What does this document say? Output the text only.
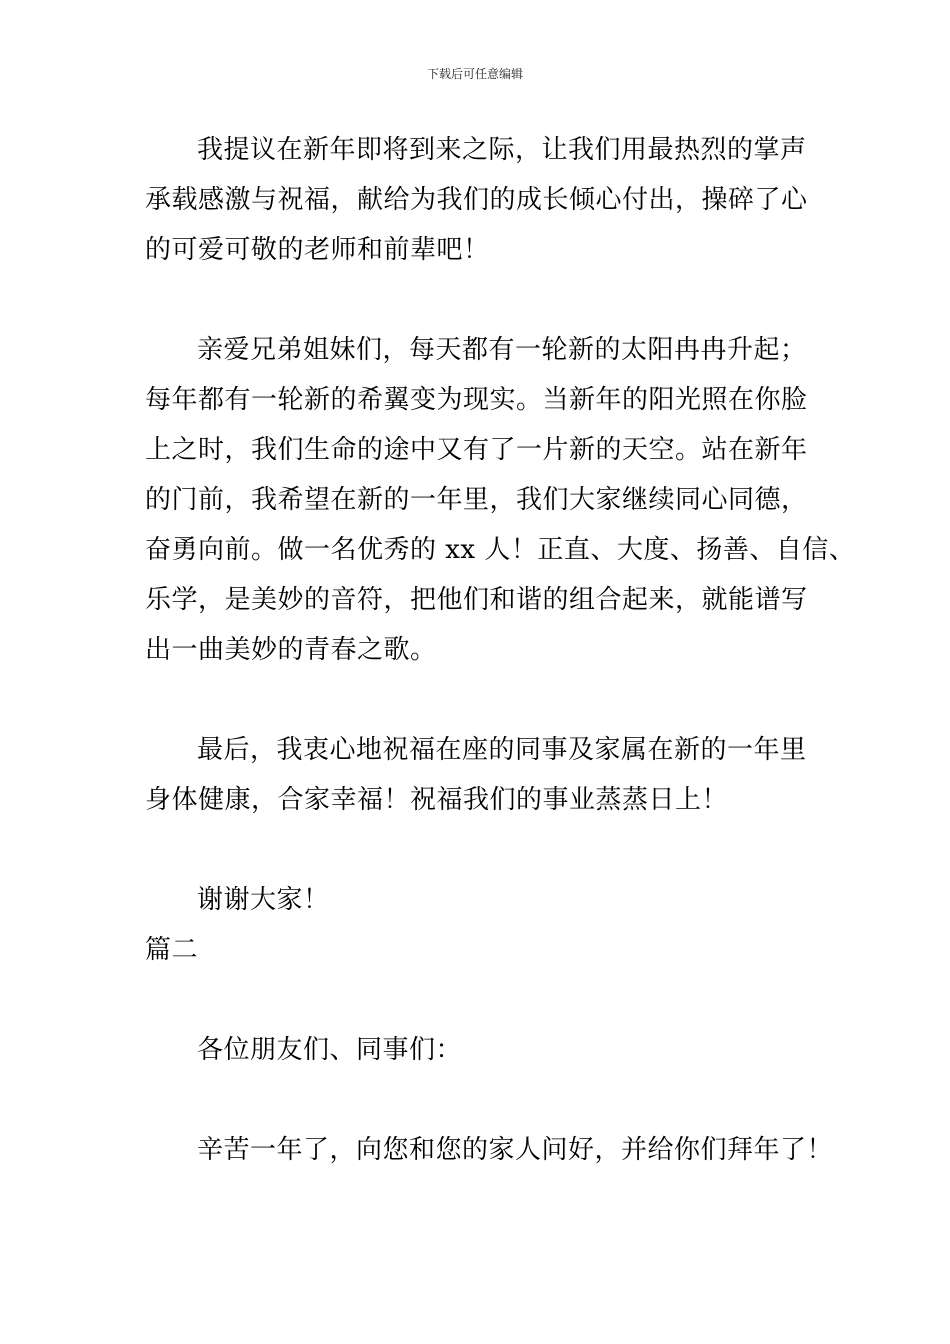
下载后可任意编辑
我提议在新年即将到来之际，让我们用最热烈的掌声
承载感激与祝福，献给为我们的成长倾心付出，操碎了心
的可爱可敬的老师和前辈吧！
亲爱兄弟姐妹们，每天都有一轮新的太阳冉冉升起；
每年都有一轮新的希翼变为现实。当新年的阳光照在你脸
上之时，我们生命的途中又有了一片新的天空。站在新年
的门前，我希望在新的一年里，我们大家继续同心同德，
奋勇向前。做一名优秀的 xx 人！正直、大度、扬善、自信、
乐学，是美妙的音符，把他们和谐的组合起来，就能谱写
出一曲美妙的青春之歌。
最后，我衷心地祝福在座的同事及家属在新的一年里
身体健康，合家幸福！祝福我们的事业蒸蒸日上！
谢谢大家！
篇二
各位朋友们、同事们：
辛苦一年了，向您和您的家人问好，并给你们拜年了！
